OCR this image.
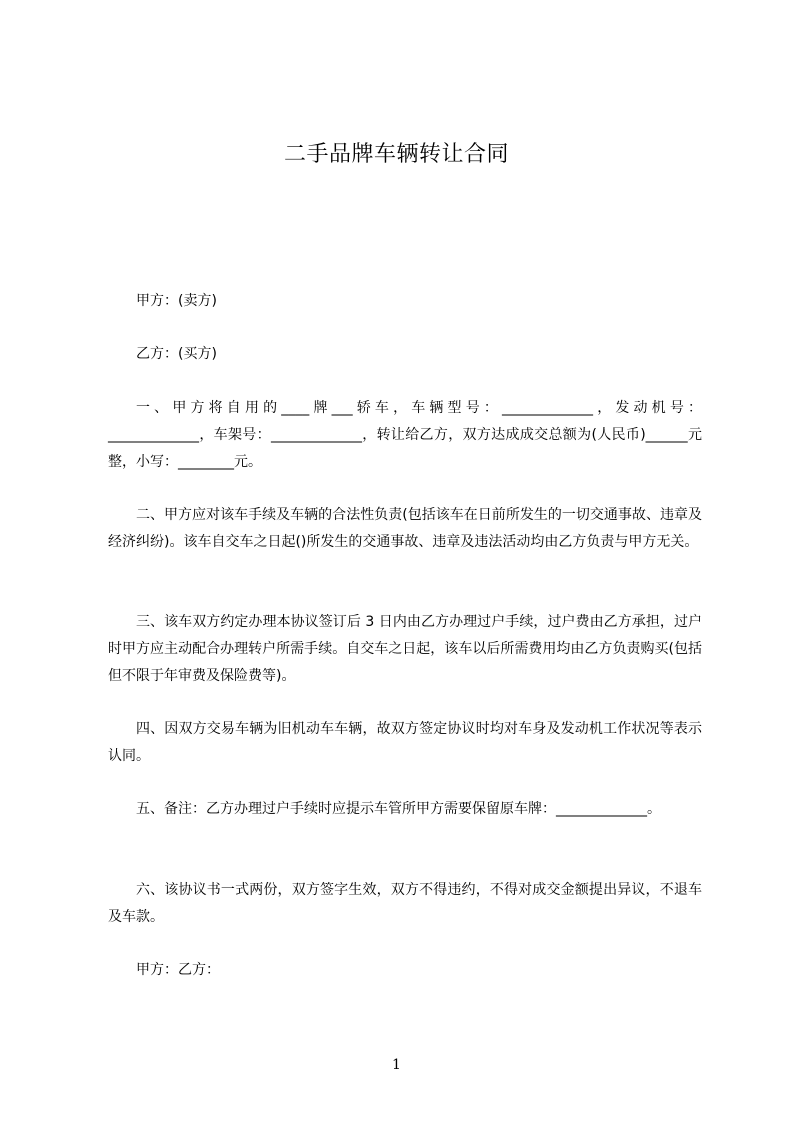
二手品牌车辆转让合同
甲方：(卖方)
乙方：(买方)
一、甲方将自用的____牌___轿车，车辆型号：_____________，发动机号：_____________，车架号：_____________，转让给乙方，双方达成成交总额为(人民币)______元整，小写：________元。
二、甲方应对该车手续及车辆的合法性负责(包括该车在日前所发生的一切交通事故、违章及经济纠纷)。该车自交车之日起()所发生的交通事故、违章及违法活动均由乙方负责与甲方无关。
三、该车双方约定办理本协议签订后 3 日内由乙方办理过户手续，过户费由乙方承担，过户时甲方应主动配合办理转户所需手续。自交车之日起，该车以后所需费用均由乙方负责购买(包括但不限于年审费及保险费等)。
四、因双方交易车辆为旧机动车车辆，故双方签定协议时均对车身及发动机工作状况等表示认同。
五、备注：乙方办理过户手续时应提示车管所甲方需要保留原车牌：_____________。
六、该协议书一式两份，双方签字生效，双方不得违约，不得对成交金额提出异议，不退车及车款。
甲方：乙方：
1
